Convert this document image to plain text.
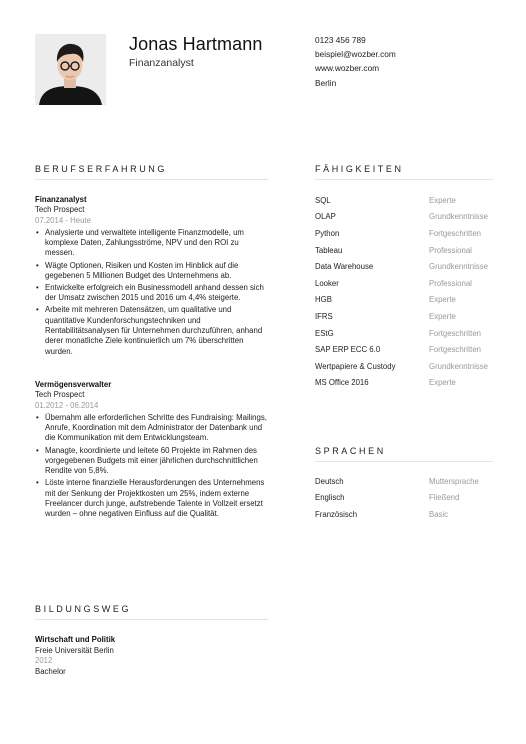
Jonas Hartmann
Finanzanalyst
0123 456 789
beispiel@wozber.com
www.wozber.com
Berlin
BERUFSERFAHRUNG
Finanzanalyst
Tech Prospect
07.2014 - Heute
• Analysierte und verwaltete intelligente Finanzmodelle, um komplexe Daten, Zahlungsströme, NPV und den ROI zu messen.
• Wägte Optionen, Risiken und Kosten im Hinblick auf die gegebenen 5 Millionen Budget des Unternehmens ab.
• Entwickelte erfolgreich ein Businessmodell anhand dessen sich der Umsatz zwischen 2015 und 2016 um 4,4% steigerte.
• Arbeite mit mehreren Datensätzen, um qualitative und quantitative Kundenforschungstechniken und Rentabilitätsanalysen für Unternehmen durchzuführen, anhand derer monatliche Ziele kontinuierlich um 7% überschritten wurden.
Vermögensverwalter
Tech Prospect
01.2012 - 06.2014
• Übernahm alle erforderlichen Schritte des Fundraising: Mailings, Anrufe, Koordination mit dem Administrator der Datenbank und die Kommunikation mit dem Entwicklungsteam.
• Managte, koordinierte und leitete 60 Projekte im Rahmen des vorgegebenen Budgets mit einer jährlichen durchschnittlichen Rendite von 5,8%.
• Löste interne finanzielle Herausforderungen des Unternehmens mit der Senkung der Projektkosten um 25%, indem externe Freelancer durch junge, aufstrebende Talente in Vollzeit ersetzt wurden – ohne negativen Einfluss auf die Qualität.
FÄHIGKEITEN
SQL	Experte
OLAP	Grundkenntnisse
Python	Fortgeschritten
Tableau	Professional
Data Warehouse	Grundkenntnisse
Looker	Professional
HGB	Experte
IFRS	Experte
EStG	Fortgeschritten
SAP ERP ECC 6.0	Fortgeschritten
Wertpapiere & Custody	Grundkenntnisse
MS Office 2016	Experte
SPRACHEN
Deutsch	Muttersprache
Englisch	Fließend
Französisch	Basic
BILDUNGSWEG
Wirtschaft und Politik
Freie Universität Berlin
2012
Bachelor
